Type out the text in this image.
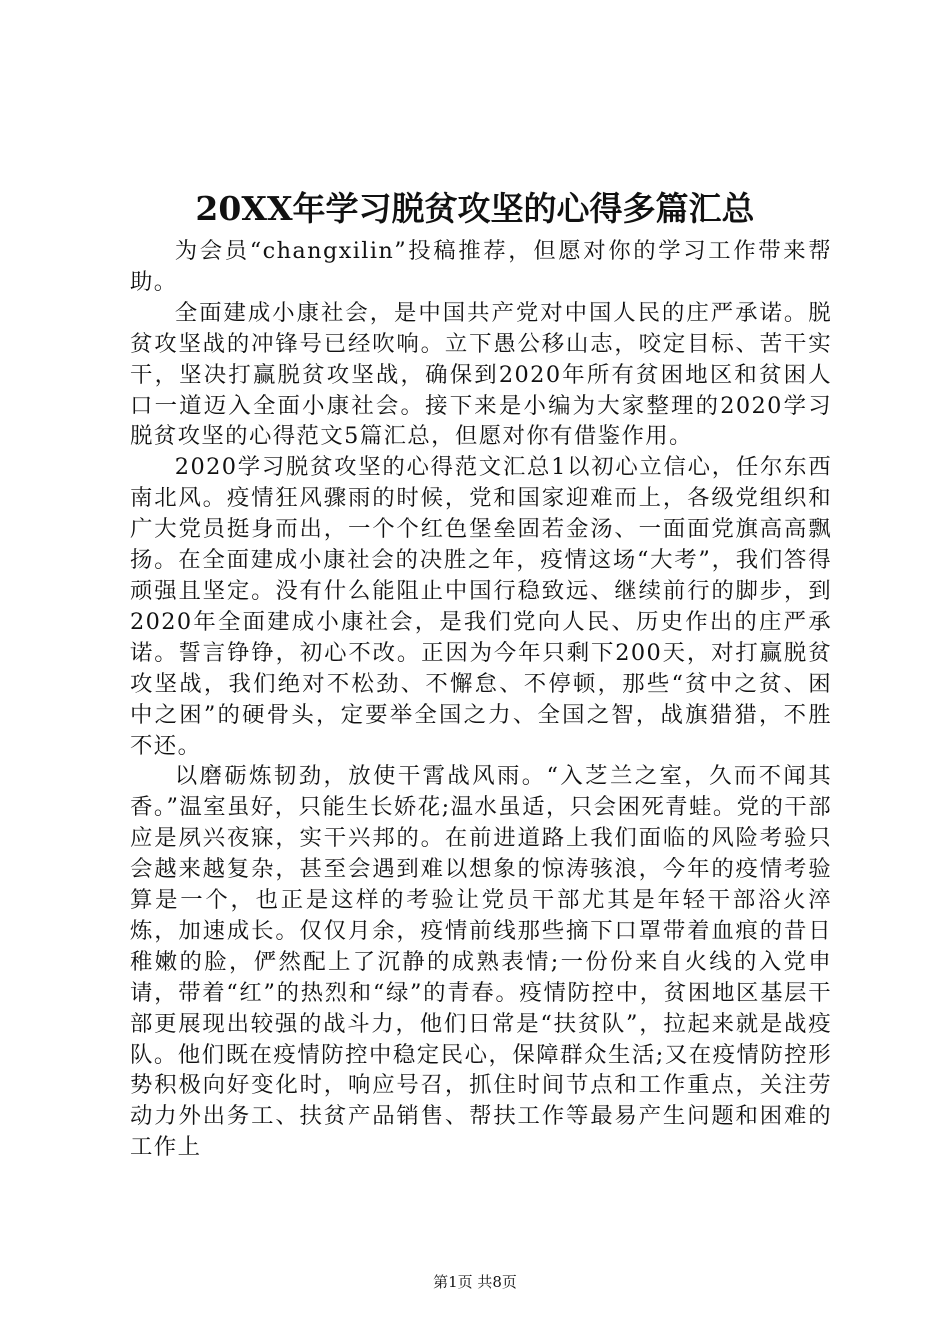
20XX年学习脱贫攻坚的心得多篇汇总

为会员“changxilin”投稿推荐，但愿对你的学习工作带来帮助。

全面建成小康社会，是中国共产党对中国人民的庄严承诺。脱贫攻坚战的冲锋号已经吹响。立下愚公移山志，咬定目标、苦干实干，坚决打赢脱贫攻坚战，确保到2020年所有贫困地区和贫困人口一道迈入全面小康社会。接下来是小编为大家整理的2020学习脱贫攻坚的心得范文5篇汇总，但愿对你有借鉴作用。

2020学习脱贫攻坚的心得范文汇总1以初心立信心，任尔东西南北风。疫情狂风骤雨的时候，党和国家迎难而上，各级党组织和广大党员挺身而出，一个个红色堡垒固若金汤、一面面党旗高高飘扬。在全面建成小康社会的决胜之年，疫情这场“大考”，我们答得顽强且坚定。没有什么能阻止中国行稳致远、继续前行的脚步，到2020年全面建成小康社会，是我们党向人民、历史作出的庄严承诺。誓言铮铮，初心不改。正因为今年只剩下200天，对打赢脱贫攻坚战，我们绝对不松劲、不懈怠、不停顿，那些“贫中之贫、困中之困”的硬骨头，定要举全国之力、全国之智，战旗猎猎，不胜不还。

以磨砺炼韧劲，放使干霄战风雨。“入芝兰之室，久而不闻其香。”温室虽好，只能生长娇花;温水虽适，只会困死青蛙。党的干部应是夙兴夜寐，实干兴邦的。在前进道路上我们面临的风险考验只会越来越复杂，甚至会遇到难以想象的惊涛骇浪，今年的疫情考验算是一个，也正是这样的考验让党员干部尤其是年轻干部浴火淬炼，加速成长。仅仅月余，疫情前线那些摘下口罩带着血痕的昔日稚嫩的脸，俨然配上了沉静的成熟表情;一份份来自火线的入党申请，带着“红”的热烈和“绿”的青春。疫情防控中，贫困地区基层干部更展现出较强的战斗力，他们日常是“扶贫队”，拉起来就是战疫队。他们既在疫情防控中稳定民心，保障群众生活;又在疫情防控形势积极向好变化时，响应号召，抓住时间节点和工作重点，关注劳动力外出务工、扶贫产品销售、帮扶工作等最易产生问题和困难的工作上

第1页 共8页
